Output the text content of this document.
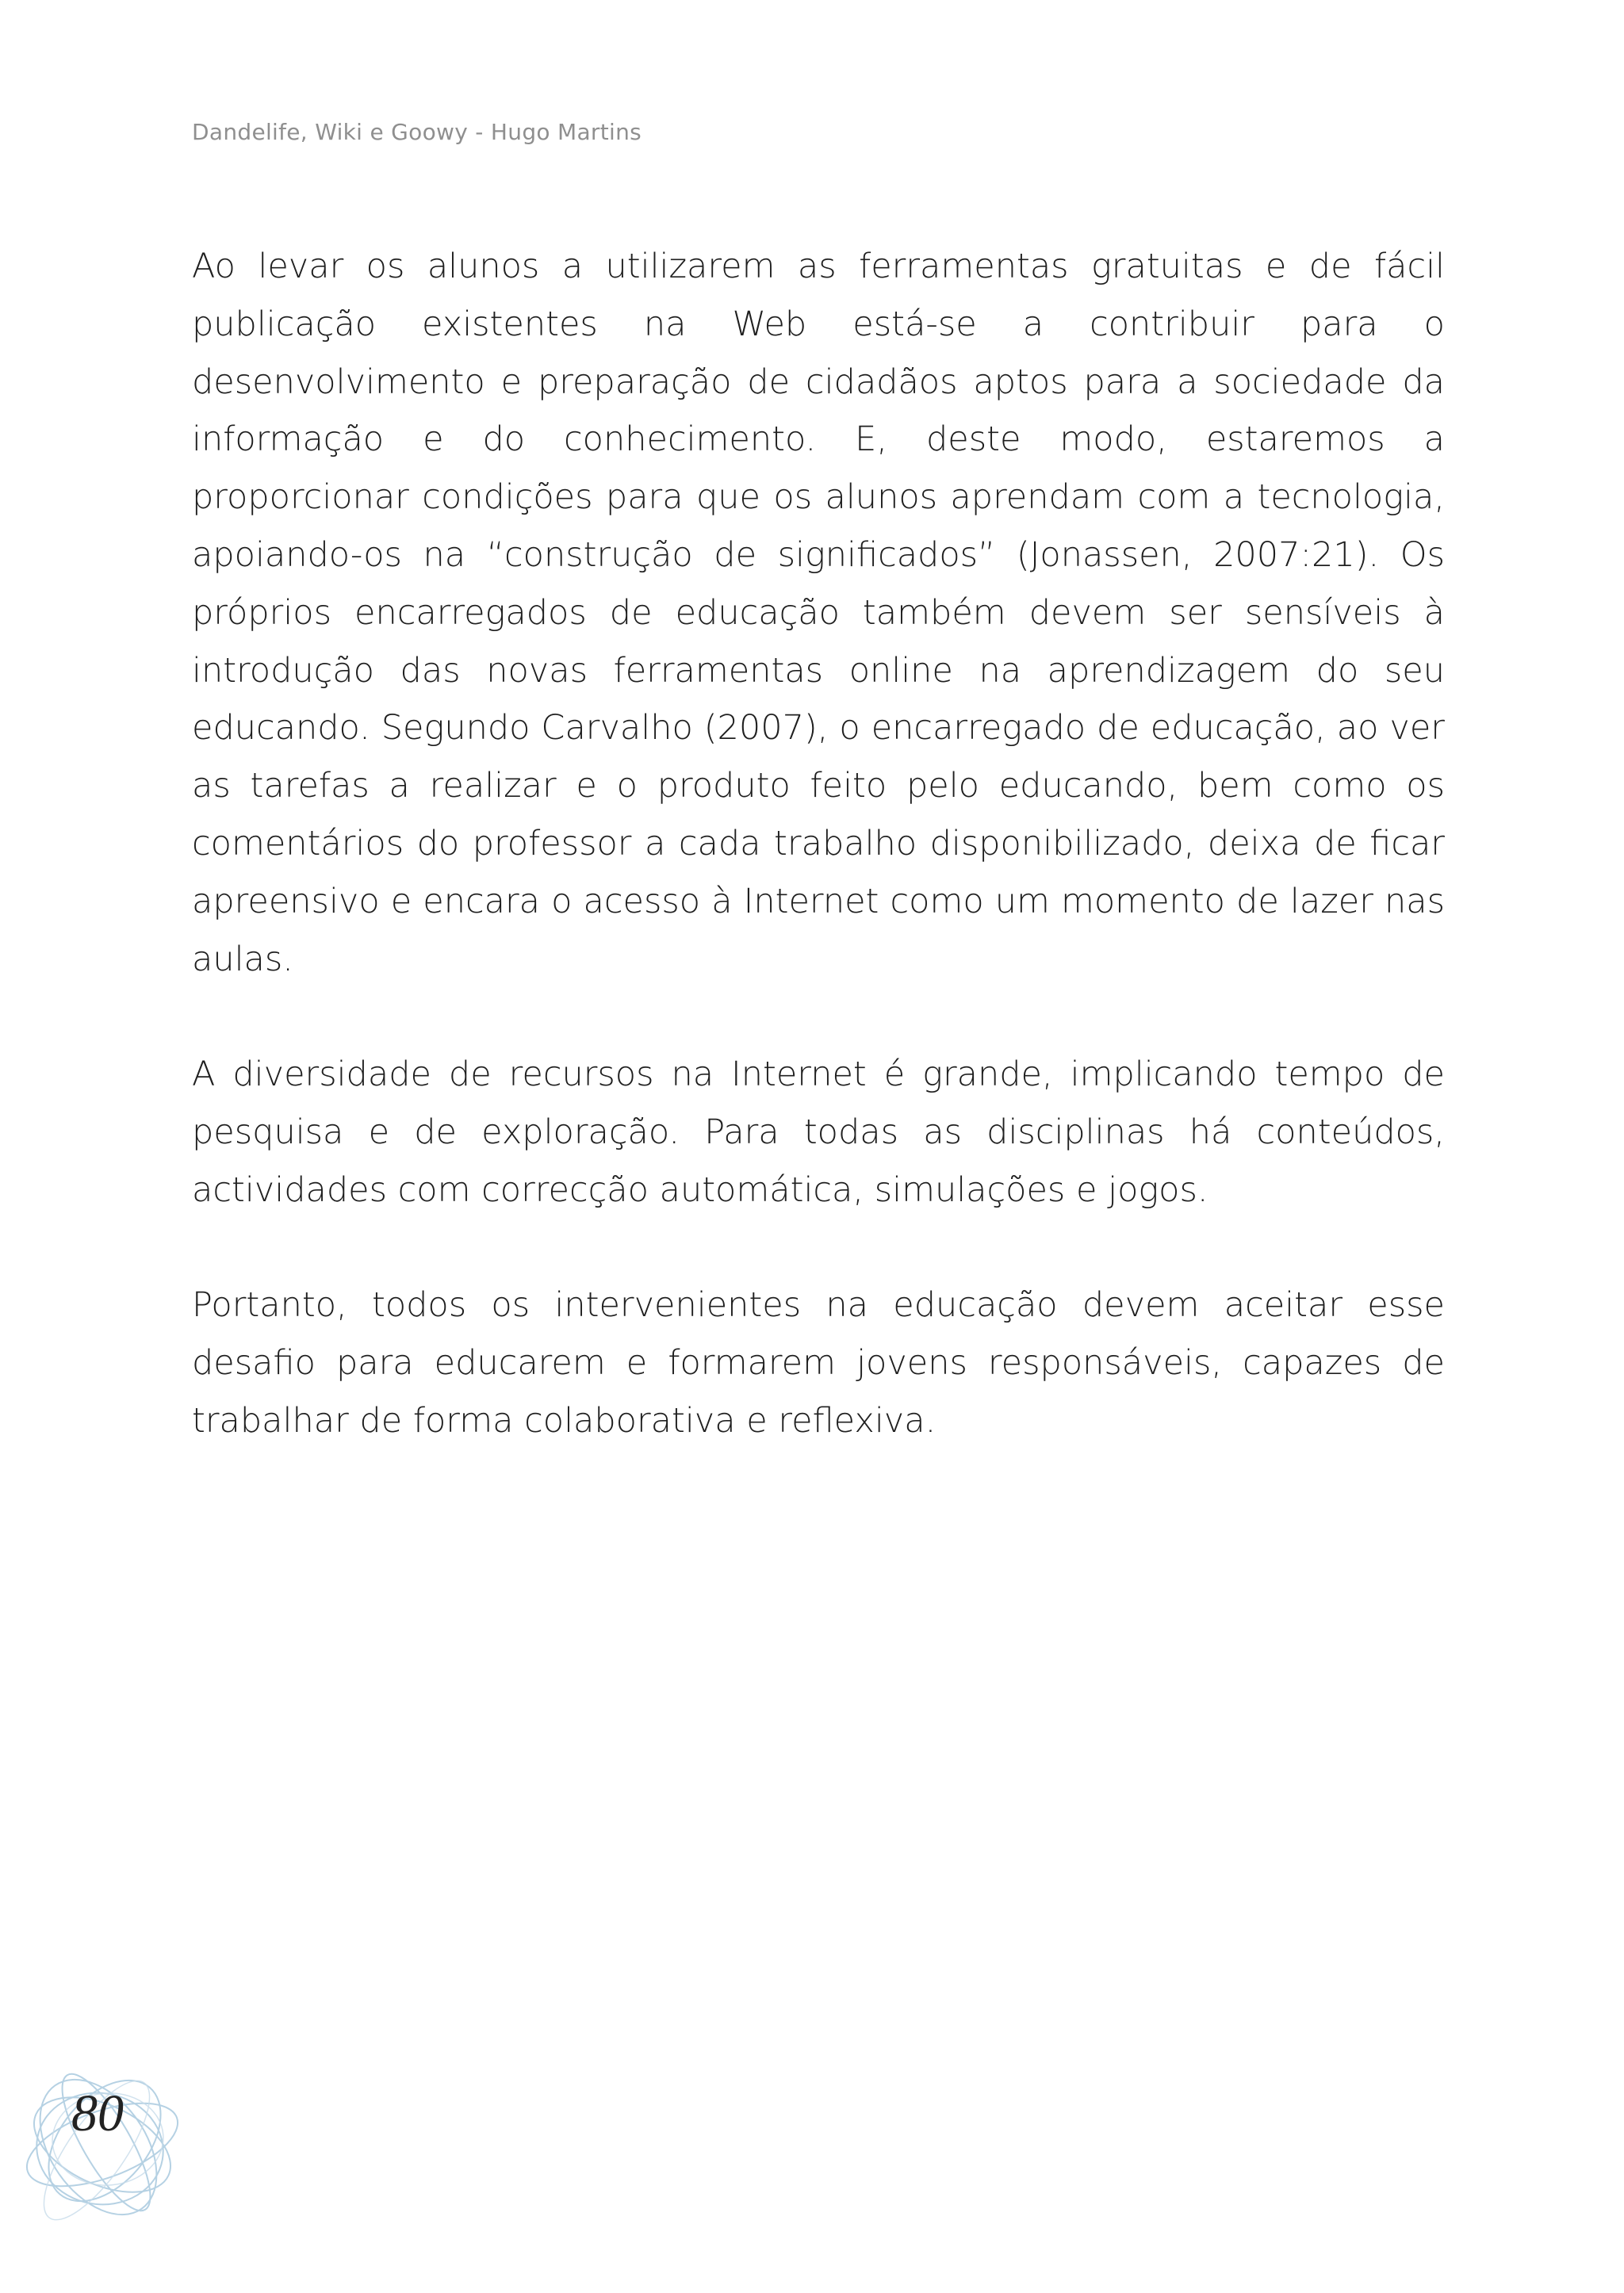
Dandelife, Wiki e Goowy - Hugo Martins

Ao levar os alunos a utilizarem as ferramentas gratuitas e de fácil publicação existentes na Web está-se a contribuir para o desenvolvimento e preparação de cidadãos aptos para a sociedade da informação e do conhecimento. E, deste modo, estaremos a proporcionar condições para que os alunos aprendam com a tecnologia, apoiando-os na “construção de significados” (Jonassen, 2007:21). Os próprios encarregados de educação também devem ser sensíveis à introdução das novas ferramentas online na aprendizagem do seu educando. Segundo Carvalho (2007), o encarregado de educação, ao ver as tarefas a realizar e o produto feito pelo educando, bem como os comentários do professor a cada trabalho disponibilizado, deixa de ficar apreensivo e encara o acesso à Internet como um momento de lazer nas aulas.

A diversidade de recursos na Internet é grande, implicando tempo de pesquisa e de exploração. Para todas as disciplinas há conteúdos, actividades com correcção automática, simulações e jogos.

Portanto, todos os intervenientes na educação devem aceitar esse desafio para educarem e formarem jovens responsáveis, capazes de trabalhar de forma colaborativa e reflexiva.

80
